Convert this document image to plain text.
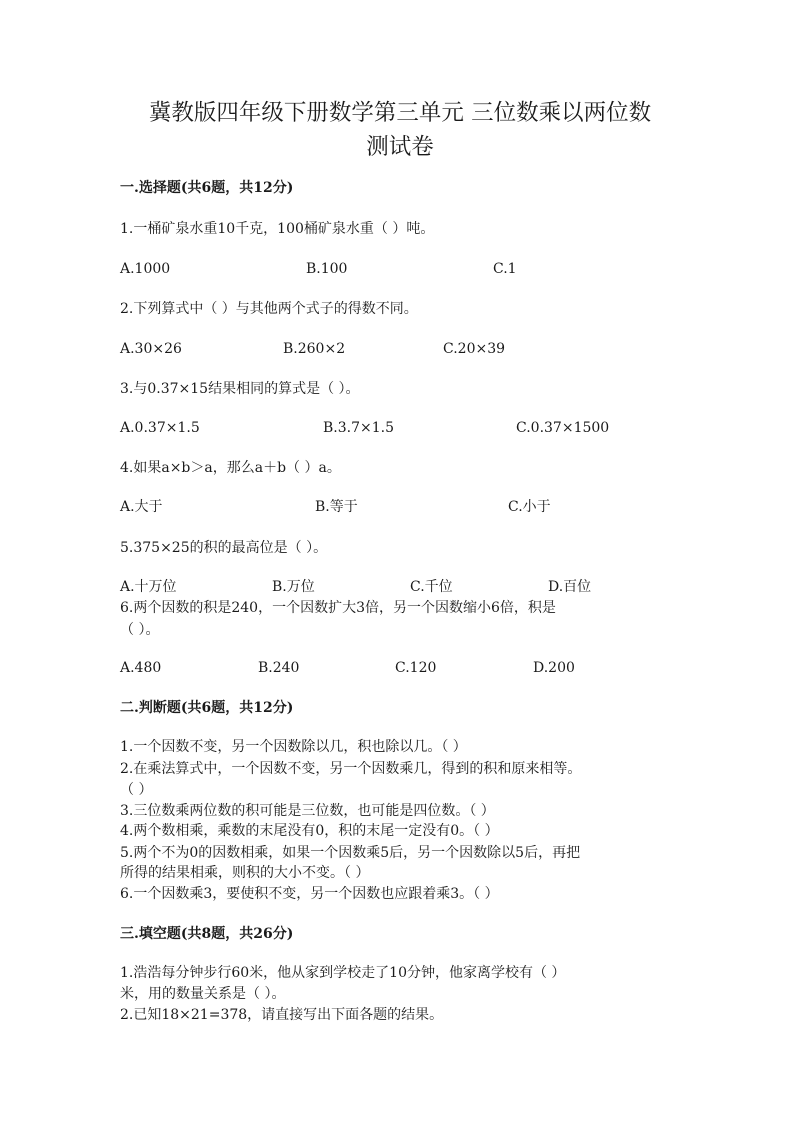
冀教版四年级下册数学第三单元 三位数乘以两位数
测试卷
一.选择题(共6题，共12分)
1.一桶矿泉水重10千克，100桶矿泉水重（ ）吨。
A.1000	B.100	C.1
2.下列算式中（ ）与其他两个式子的得数不同。
A.30×26	B.260×2	C.20×39
3.与0.37×15结果相同的算式是（ ）。
A.0.37×1.5	B.3.7×1.5	C.0.37×1500
4.如果a×b＞a，那么a＋b（ ）a。
A.大于	B.等于	C.小于
5.375×25的积的最高位是（ ）。
A.十万位	B.万位	C.千位	D.百位
6.两个因数的积是240，一个因数扩大3倍，另一个因数缩小6倍，积是
（ ）。
A.480	B.240	C.120	D.200
二.判断题(共6题，共12分)
1.一个因数不变，另一个因数除以几，积也除以几。（ ）
2.在乘法算式中，一个因数不变，另一个因数乘几，得到的积和原来相等。
（ ）
3.三位数乘两位数的积可能是三位数，也可能是四位数。（ ）
4.两个数相乘，乘数的末尾没有0，积的末尾一定没有0。（ ）
5.两个不为0的因数相乘，如果一个因数乘5后，另一个因数除以5后，再把
所得的结果相乘，则积的大小不变。（ ）
6.一个因数乘3，要使积不变，另一个因数也应跟着乘3。（ ）
三.填空题(共8题，共26分)
1.浩浩每分钟步行60米，他从家到学校走了10分钟，他家离学校有（ ）
米，用的数量关系是（ ）。
2.已知18×21=378，请直接写出下面各题的结果。
